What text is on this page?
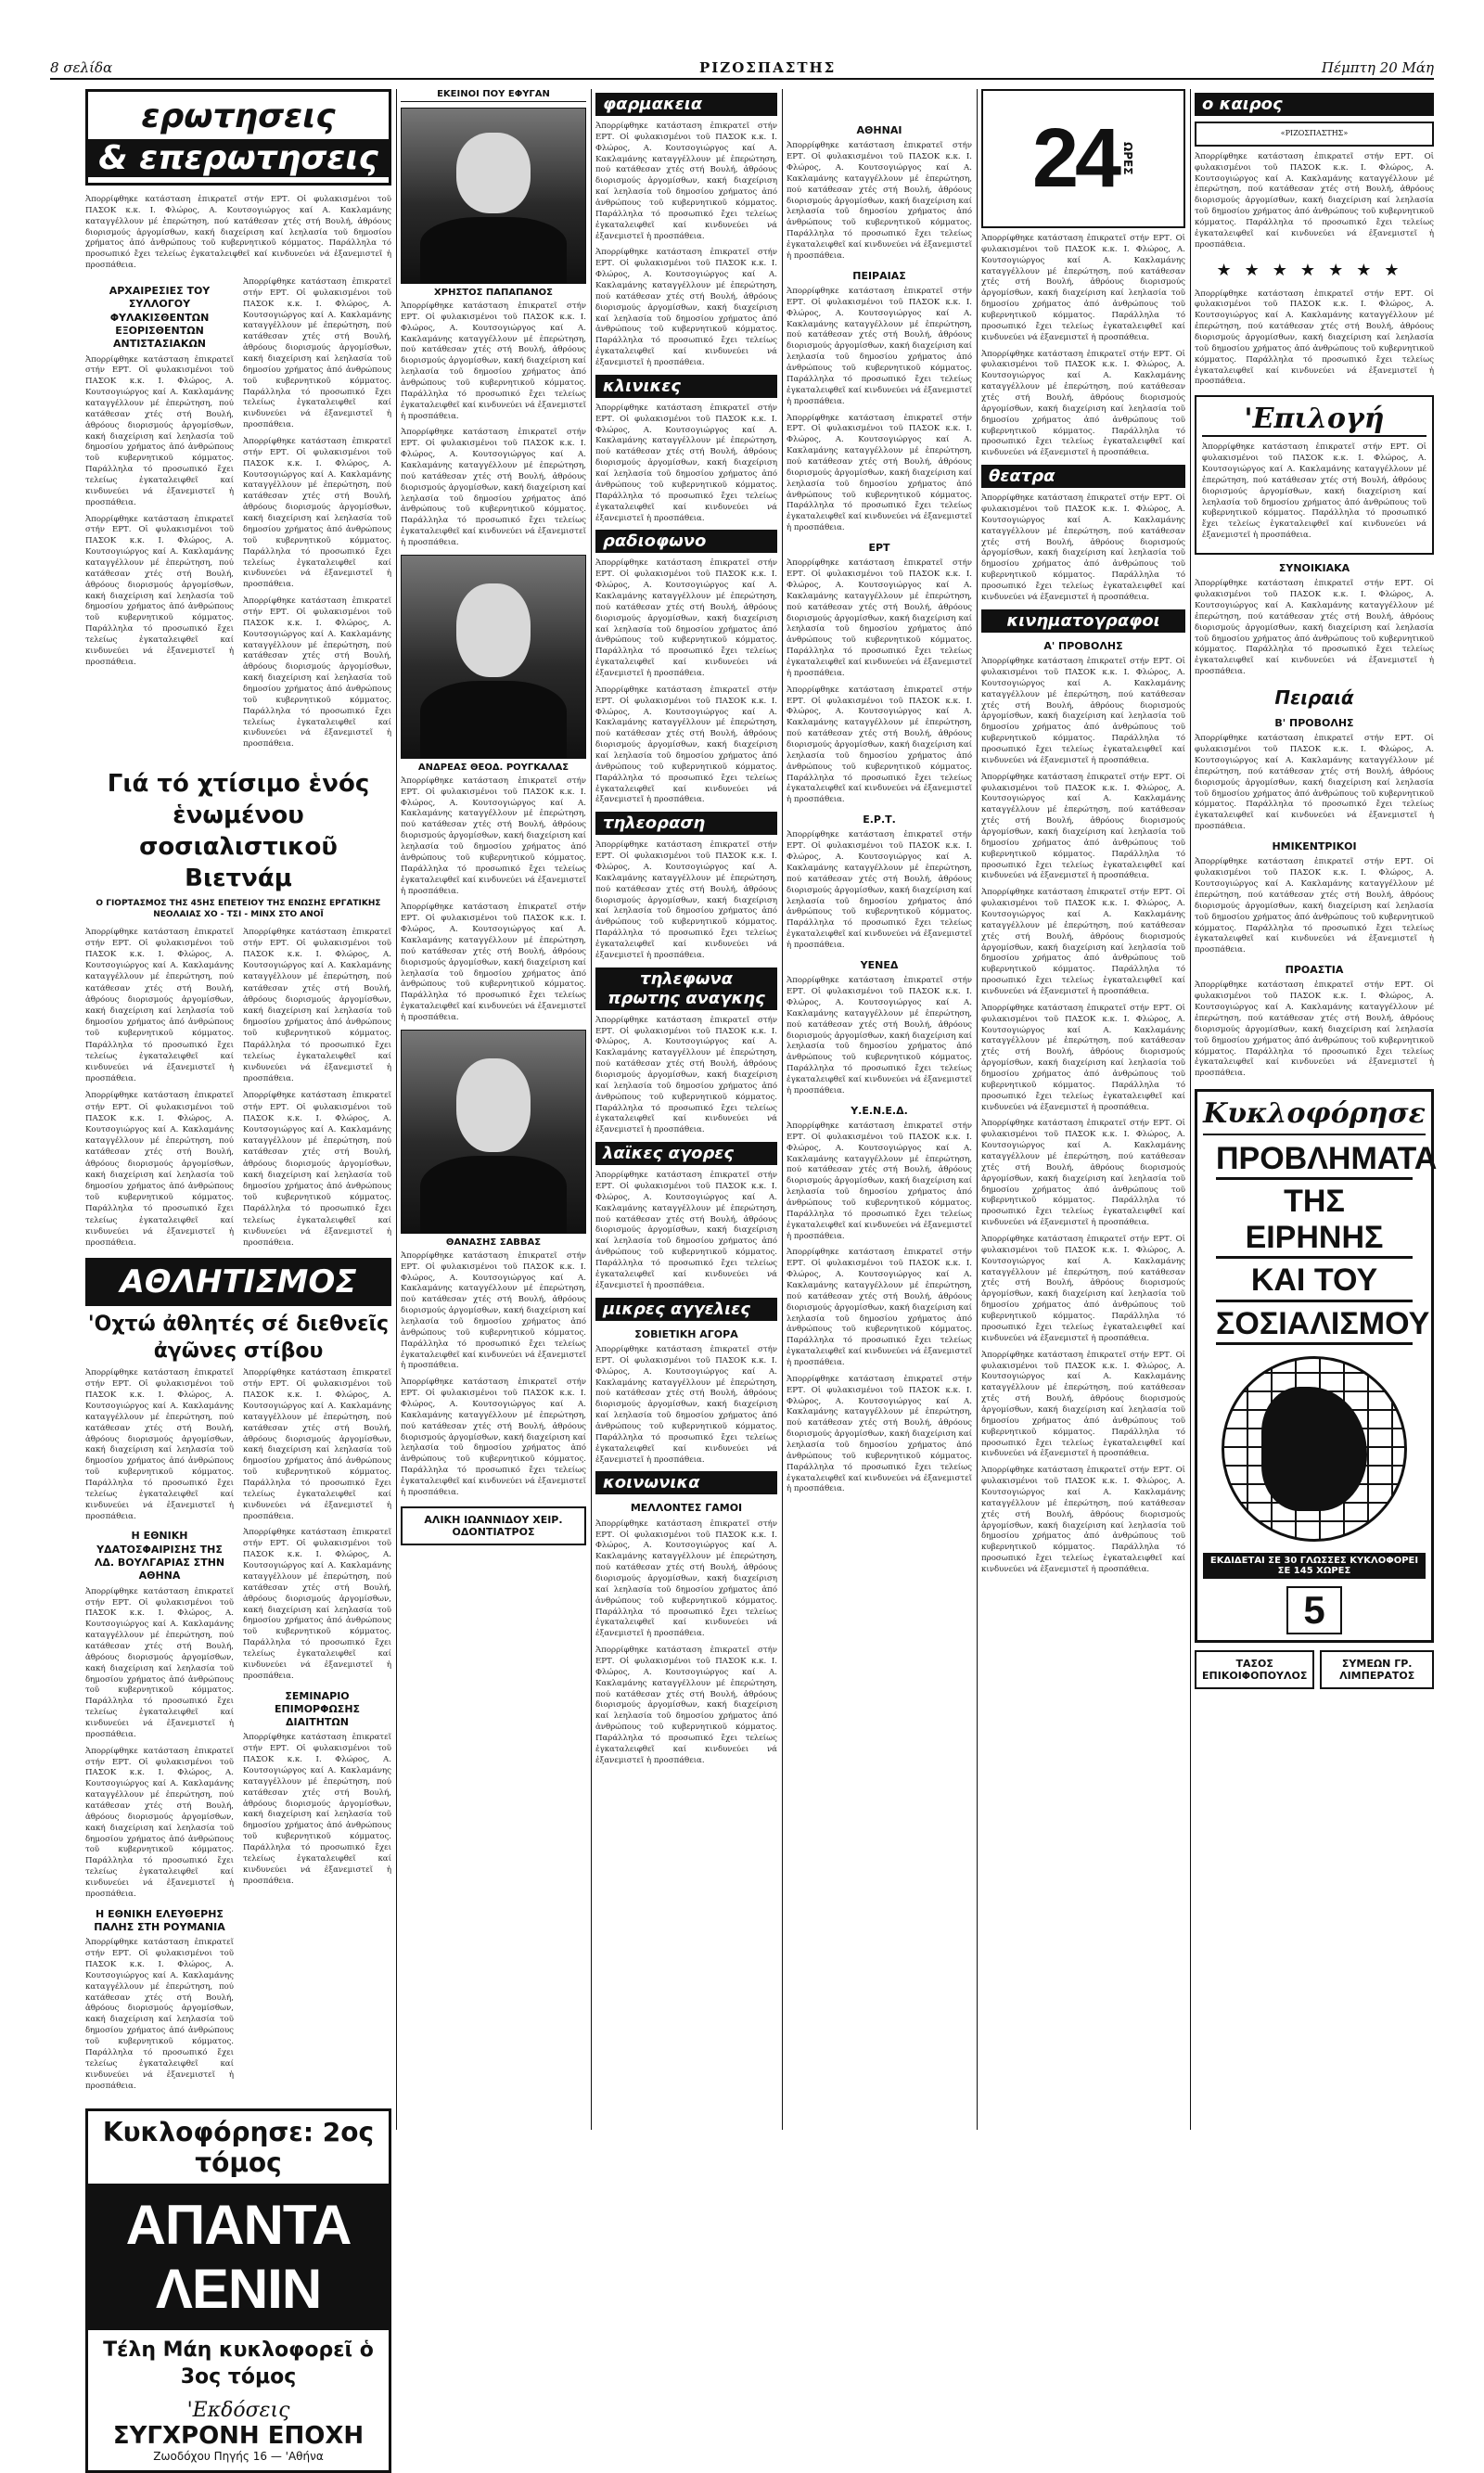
8 σελίδα	ΡΙΖΟΣΠΑΣΤΗΣ	Πέμπτη 20 Μάη
ερωτησεις
& επερωτησεις

Ἀπορρίφθηκε κατάσταση ἐπικρατεῖ στήν ΕΡΤ. Οἱ φυλακισμένοι τοῦ ΠΑΣΟΚ κ.κ. Ι. Φλώρος, Α. Κουτσογιώργος καί Α. Κακλαμάνης καταγγέλλουν μέ ἐπερώτηση, πού κατάθεσαν χτές στή Βουλή, ἀθρόους διορισμούς ἀργομίσθων, κακή διαχείριση καί λεηλασία τοῦ δημοσίου χρήματος ἀπό ἀνθρώπους τοῦ κυβερνητικοῦ κόμματος. Παράλληλα τό προσωπικό ἔχει τελείως ἐγκαταλειφθεῖ καί κινδυνεύει νά ἐξανεμιστεῖ ἡ προσπάθεια.

ΑΡΧΑΙΡΕΣΙΕΣ ΤΟΥ ΣΥΛΛΟΓΟΥ ΦΥΛΑΚΙΣΘΕΝΤΩΝ ΕΞΟΡΙΣΘΕΝΤΩΝ ΑΝΤΙΣΤΑΣΙΑΚΩΝ

Ἀπορρίφθηκε κατάσταση ἐπικρατεῖ στήν ΕΡΤ. Οἱ φυλακισμένοι τοῦ ΠΑΣΟΚ κ.κ. Ι. Φλώρος, Α. Κουτσογιώργος καί Α. Κακλαμάνης καταγγέλλουν μέ ἐπερώτηση, πού κατάθεσαν χτές στή Βουλή, ἀθρόους διορισμούς ἀργομίσθων, κακή διαχείριση καί λεηλασία τοῦ δημοσίου χρήματος ἀπό ἀνθρώπους τοῦ κυβερνητικοῦ κόμματος. Παράλληλα τό προσωπικό ἔχει τελείως ἐγκαταλειφθεῖ καί κινδυνεύει νά ἐξανεμιστεῖ ἡ προσπάθεια.

Ἀπορρίφθηκε κατάσταση ἐπικρατεῖ στήν ΕΡΤ. Οἱ φυλακισμένοι τοῦ ΠΑΣΟΚ κ.κ. Ι. Φλώρος, Α. Κουτσογιώργος καί Α. Κακλαμάνης καταγγέλλουν μέ ἐπερώτηση, πού κατάθεσαν χτές στή Βουλή, ἀθρόους διορισμούς ἀργομίσθων, κακή διαχείριση καί λεηλασία τοῦ δημοσίου χρήματος ἀπό ἀνθρώπους τοῦ κυβερνητικοῦ κόμματος. Παράλληλα τό προσωπικό ἔχει τελείως ἐγκαταλειφθεῖ καί κινδυνεύει νά ἐξανεμιστεῖ ἡ προσπάθεια.

Ἀπορρίφθηκε κατάσταση ἐπικρατεῖ στήν ΕΡΤ. Οἱ φυλακισμένοι τοῦ ΠΑΣΟΚ κ.κ. Ι. Φλώρος, Α. Κουτσογιώργος καί Α. Κακλαμάνης καταγγέλλουν μέ ἐπερώτηση, πού κατάθεσαν χτές στή Βουλή, ἀθρόους διορισμούς ἀργομίσθων, κακή διαχείριση καί λεηλασία τοῦ δημοσίου χρήματος ἀπό ἀνθρώπους τοῦ κυβερνητικοῦ κόμματος. Παράλληλα τό προσωπικό ἔχει τελείως ἐγκαταλειφθεῖ καί κινδυνεύει νά ἐξανεμιστεῖ ἡ προσπάθεια.

Ἀπορρίφθηκε κατάσταση ἐπικρατεῖ στήν ΕΡΤ. Οἱ φυλακισμένοι τοῦ ΠΑΣΟΚ κ.κ. Ι. Φλώρος, Α. Κουτσογιώργος καί Α. Κακλαμάνης καταγγέλλουν μέ ἐπερώτηση, πού κατάθεσαν χτές στή Βουλή, ἀθρόους διορισμούς ἀργομίσθων, κακή διαχείριση καί λεηλασία τοῦ δημοσίου χρήματος ἀπό ἀνθρώπους τοῦ κυβερνητικοῦ κόμματος. Παράλληλα τό προσωπικό ἔχει τελείως ἐγκαταλειφθεῖ καί κινδυνεύει νά ἐξανεμιστεῖ ἡ προσπάθεια.

Ἀπορρίφθηκε κατάσταση ἐπικρατεῖ στήν ΕΡΤ. Οἱ φυλακισμένοι τοῦ ΠΑΣΟΚ κ.κ. Ι. Φλώρος, Α. Κουτσογιώργος καί Α. Κακλαμάνης καταγγέλλουν μέ ἐπερώτηση, πού κατάθεσαν χτές στή Βουλή, ἀθρόους διορισμούς ἀργομίσθων, κακή διαχείριση καί λεηλασία τοῦ δημοσίου χρήματος ἀπό ἀνθρώπους τοῦ κυβερνητικοῦ κόμματος. Παράλληλα τό προσωπικό ἔχει τελείως ἐγκαταλειφθεῖ καί κινδυνεύει νά ἐξανεμιστεῖ ἡ προσπάθεια.

Γιά τό χτίσιμο ἑνός ἑνωμένου σοσιαλιστικοῦ Βιετνάμ
Ο ΓΙΟΡΤΑΣΜΟΣ ΤΗΣ 45ΗΣ ΕΠΕΤΕΙΟΥ ΤΗΣ ΕΝΩΣΗΣ ΕΡΓΑΤΙΚΗΣ ΝΕΟΛΑΙΑΣ ΧΟ - ΤΣΙ - ΜΙΝΧ ΣΤΟ ΑΝΟΪ

Ἀπορρίφθηκε κατάσταση ἐπικρατεῖ στήν ΕΡΤ. Οἱ φυλακισμένοι τοῦ ΠΑΣΟΚ κ.κ. Ι. Φλώρος, Α. Κουτσογιώργος καί Α. Κακλαμάνης καταγγέλλουν μέ ἐπερώτηση, πού κατάθεσαν χτές στή Βουλή, ἀθρόους διορισμούς ἀργομίσθων, κακή διαχείριση καί λεηλασία τοῦ δημοσίου χρήματος ἀπό ἀνθρώπους τοῦ κυβερνητικοῦ κόμματος. Παράλληλα τό προσωπικό ἔχει τελείως ἐγκαταλειφθεῖ καί κινδυνεύει νά ἐξανεμιστεῖ ἡ προσπάθεια.

Ἀπορρίφθηκε κατάσταση ἐπικρατεῖ στήν ΕΡΤ. Οἱ φυλακισμένοι τοῦ ΠΑΣΟΚ κ.κ. Ι. Φλώρος, Α. Κουτσογιώργος καί Α. Κακλαμάνης καταγγέλλουν μέ ἐπερώτηση, πού κατάθεσαν χτές στή Βουλή, ἀθρόους διορισμούς ἀργομίσθων, κακή διαχείριση καί λεηλασία τοῦ δημοσίου χρήματος ἀπό ἀνθρώπους τοῦ κυβερνητικοῦ κόμματος. Παράλληλα τό προσωπικό ἔχει τελείως ἐγκαταλειφθεῖ καί κινδυνεύει νά ἐξανεμιστεῖ ἡ προσπάθεια.

Ἀπορρίφθηκε κατάσταση ἐπικρατεῖ στήν ΕΡΤ. Οἱ φυλακισμένοι τοῦ ΠΑΣΟΚ κ.κ. Ι. Φλώρος, Α. Κουτσογιώργος καί Α. Κακλαμάνης καταγγέλλουν μέ ἐπερώτηση, πού κατάθεσαν χτές στή Βουλή, ἀθρόους διορισμούς ἀργομίσθων, κακή διαχείριση καί λεηλασία τοῦ δημοσίου χρήματος ἀπό ἀνθρώπους τοῦ κυβερνητικοῦ κόμματος. Παράλληλα τό προσωπικό ἔχει τελείως ἐγκαταλειφθεῖ καί κινδυνεύει νά ἐξανεμιστεῖ ἡ προσπάθεια.

Ἀπορρίφθηκε κατάσταση ἐπικρατεῖ στήν ΕΡΤ. Οἱ φυλακισμένοι τοῦ ΠΑΣΟΚ κ.κ. Ι. Φλώρος, Α. Κουτσογιώργος καί Α. Κακλαμάνης καταγγέλλουν μέ ἐπερώτηση, πού κατάθεσαν χτές στή Βουλή, ἀθρόους διορισμούς ἀργομίσθων, κακή διαχείριση καί λεηλασία τοῦ δημοσίου χρήματος ἀπό ἀνθρώπους τοῦ κυβερνητικοῦ κόμματος. Παράλληλα τό προσωπικό ἔχει τελείως ἐγκαταλειφθεῖ καί κινδυνεύει νά ἐξανεμιστεῖ ἡ προσπάθεια.

ΑΘΛΗΤΙΣΜΟΣ
'Οχτώ ἀθλητές σέ διεθνεῖς ἀγῶνες στίβου

Ἀπορρίφθηκε κατάσταση ἐπικρατεῖ στήν ΕΡΤ. Οἱ φυλακισμένοι τοῦ ΠΑΣΟΚ κ.κ. Ι. Φλώρος, Α. Κουτσογιώργος καί Α. Κακλαμάνης καταγγέλλουν μέ ἐπερώτηση, πού κατάθεσαν χτές στή Βουλή, ἀθρόους διορισμούς ἀργομίσθων, κακή διαχείριση καί λεηλασία τοῦ δημοσίου χρήματος ἀπό ἀνθρώπους τοῦ κυβερνητικοῦ κόμματος. Παράλληλα τό προσωπικό ἔχει τελείως ἐγκαταλειφθεῖ καί κινδυνεύει νά ἐξανεμιστεῖ ἡ προσπάθεια.

Η ΕΘΝΙΚΗ ΥΔΑΤΟΣΦΑΙΡΙΣΗΣ ΤΗΣ ΛΔ. ΒΟΥΛΓΑΡΙΑΣ ΣΤΗΝ ΑΘΗΝΑ

Ἀπορρίφθηκε κατάσταση ἐπικρατεῖ στήν ΕΡΤ. Οἱ φυλακισμένοι τοῦ ΠΑΣΟΚ κ.κ. Ι. Φλώρος, Α. Κουτσογιώργος καί Α. Κακλαμάνης καταγγέλλουν μέ ἐπερώτηση, πού κατάθεσαν χτές στή Βουλή, ἀθρόους διορισμούς ἀργομίσθων, κακή διαχείριση καί λεηλασία τοῦ δημοσίου χρήματος ἀπό ἀνθρώπους τοῦ κυβερνητικοῦ κόμματος. Παράλληλα τό προσωπικό ἔχει τελείως ἐγκαταλειφθεῖ καί κινδυνεύει νά ἐξανεμιστεῖ ἡ προσπάθεια.

Ἀπορρίφθηκε κατάσταση ἐπικρατεῖ στήν ΕΡΤ. Οἱ φυλακισμένοι τοῦ ΠΑΣΟΚ κ.κ. Ι. Φλώρος, Α. Κουτσογιώργος καί Α. Κακλαμάνης καταγγέλλουν μέ ἐπερώτηση, πού κατάθεσαν χτές στή Βουλή, ἀθρόους διορισμούς ἀργομίσθων, κακή διαχείριση καί λεηλασία τοῦ δημοσίου χρήματος ἀπό ἀνθρώπους τοῦ κυβερνητικοῦ κόμματος. Παράλληλα τό προσωπικό ἔχει τελείως ἐγκαταλειφθεῖ καί κινδυνεύει νά ἐξανεμιστεῖ ἡ προσπάθεια.

Η ΕΘΝΙΚΗ ΕΛΕΥΘΕΡΗΣ ΠΑΛΗΣ ΣΤΗ ΡΟΥΜΑΝΙΑ

Ἀπορρίφθηκε κατάσταση ἐπικρατεῖ στήν ΕΡΤ. Οἱ φυλακισμένοι τοῦ ΠΑΣΟΚ κ.κ. Ι. Φλώρος, Α. Κουτσογιώργος καί Α. Κακλαμάνης καταγγέλλουν μέ ἐπερώτηση, πού κατάθεσαν χτές στή Βουλή, ἀθρόους διορισμούς ἀργομίσθων, κακή διαχείριση καί λεηλασία τοῦ δημοσίου χρήματος ἀπό ἀνθρώπους τοῦ κυβερνητικοῦ κόμματος. Παράλληλα τό προσωπικό ἔχει τελείως ἐγκαταλειφθεῖ καί κινδυνεύει νά ἐξανεμιστεῖ ἡ προσπάθεια.

Ἀπορρίφθηκε κατάσταση ἐπικρατεῖ στήν ΕΡΤ. Οἱ φυλακισμένοι τοῦ ΠΑΣΟΚ κ.κ. Ι. Φλώρος, Α. Κουτσογιώργος καί Α. Κακλαμάνης καταγγέλλουν μέ ἐπερώτηση, πού κατάθεσαν χτές στή Βουλή, ἀθρόους διορισμούς ἀργομίσθων, κακή διαχείριση καί λεηλασία τοῦ δημοσίου χρήματος ἀπό ἀνθρώπους τοῦ κυβερνητικοῦ κόμματος. Παράλληλα τό προσωπικό ἔχει τελείως ἐγκαταλειφθεῖ καί κινδυνεύει νά ἐξανεμιστεῖ ἡ προσπάθεια.

Ἀπορρίφθηκε κατάσταση ἐπικρατεῖ στήν ΕΡΤ. Οἱ φυλακισμένοι τοῦ ΠΑΣΟΚ κ.κ. Ι. Φλώρος, Α. Κουτσογιώργος καί Α. Κακλαμάνης καταγγέλλουν μέ ἐπερώτηση, πού κατάθεσαν χτές στή Βουλή, ἀθρόους διορισμούς ἀργομίσθων, κακή διαχείριση καί λεηλασία τοῦ δημοσίου χρήματος ἀπό ἀνθρώπους τοῦ κυβερνητικοῦ κόμματος. Παράλληλα τό προσωπικό ἔχει τελείως ἐγκαταλειφθεῖ καί κινδυνεύει νά ἐξανεμιστεῖ ἡ προσπάθεια.

ΣΕΜΙΝΑΡΙΟ ΕΠΙΜΟΡΦΩΣΗΣ ΔΙΑΙΤΗΤΩΝ

Ἀπορρίφθηκε κατάσταση ἐπικρατεῖ στήν ΕΡΤ. Οἱ φυλακισμένοι τοῦ ΠΑΣΟΚ κ.κ. Ι. Φλώρος, Α. Κουτσογιώργος καί Α. Κακλαμάνης καταγγέλλουν μέ ἐπερώτηση, πού κατάθεσαν χτές στή Βουλή, ἀθρόους διορισμούς ἀργομίσθων, κακή διαχείριση καί λεηλασία τοῦ δημοσίου χρήματος ἀπό ἀνθρώπους τοῦ κυβερνητικοῦ κόμματος. Παράλληλα τό προσωπικό ἔχει τελείως ἐγκαταλειφθεῖ καί κινδυνεύει νά ἐξανεμιστεῖ ἡ προσπάθεια.

Κυκλοφόρησε: 2ος τόμος
ΑΠΑΝΤΑ ΛΕΝΙΝ
Τέλη Μάη κυκλοφορεῖ ὁ 3ος τόμος
'Εκδόσεις
ΣΥΓΧΡΟΝΗ ΕΠΟΧΗ
Ζωοδόχου Πηγής 16 — 'Αθήνα
ΕΚΕΙΝΟΙ ΠΟΥ ΕΦΥΓΑΝ
ΧΡΗΣΤΟΣ ΠΑΠΑΠΑΝΟΣ

Ἀπορρίφθηκε κατάσταση ἐπικρατεῖ στήν ΕΡΤ. Οἱ φυλακισμένοι τοῦ ΠΑΣΟΚ κ.κ. Ι. Φλώρος, Α. Κουτσογιώργος καί Α. Κακλαμάνης καταγγέλλουν μέ ἐπερώτηση, πού κατάθεσαν χτές στή Βουλή, ἀθρόους διορισμούς ἀργομίσθων, κακή διαχείριση καί λεηλασία τοῦ δημοσίου χρήματος ἀπό ἀνθρώπους τοῦ κυβερνητικοῦ κόμματος. Παράλληλα τό προσωπικό ἔχει τελείως ἐγκαταλειφθεῖ καί κινδυνεύει νά ἐξανεμιστεῖ ἡ προσπάθεια.

Ἀπορρίφθηκε κατάσταση ἐπικρατεῖ στήν ΕΡΤ. Οἱ φυλακισμένοι τοῦ ΠΑΣΟΚ κ.κ. Ι. Φλώρος, Α. Κουτσογιώργος καί Α. Κακλαμάνης καταγγέλλουν μέ ἐπερώτηση, πού κατάθεσαν χτές στή Βουλή, ἀθρόους διορισμούς ἀργομίσθων, κακή διαχείριση καί λεηλασία τοῦ δημοσίου χρήματος ἀπό ἀνθρώπους τοῦ κυβερνητικοῦ κόμματος. Παράλληλα τό προσωπικό ἔχει τελείως ἐγκαταλειφθεῖ καί κινδυνεύει νά ἐξανεμιστεῖ ἡ προσπάθεια.

ΑΝΔΡΕΑΣ ΘΕΟΔ. ΡΟΥΓΚΑΛΑΣ

Ἀπορρίφθηκε κατάσταση ἐπικρατεῖ στήν ΕΡΤ. Οἱ φυλακισμένοι τοῦ ΠΑΣΟΚ κ.κ. Ι. Φλώρος, Α. Κουτσογιώργος καί Α. Κακλαμάνης καταγγέλλουν μέ ἐπερώτηση, πού κατάθεσαν χτές στή Βουλή, ἀθρόους διορισμούς ἀργομίσθων, κακή διαχείριση καί λεηλασία τοῦ δημοσίου χρήματος ἀπό ἀνθρώπους τοῦ κυβερνητικοῦ κόμματος. Παράλληλα τό προσωπικό ἔχει τελείως ἐγκαταλειφθεῖ καί κινδυνεύει νά ἐξανεμιστεῖ ἡ προσπάθεια.

Ἀπορρίφθηκε κατάσταση ἐπικρατεῖ στήν ΕΡΤ. Οἱ φυλακισμένοι τοῦ ΠΑΣΟΚ κ.κ. Ι. Φλώρος, Α. Κουτσογιώργος καί Α. Κακλαμάνης καταγγέλλουν μέ ἐπερώτηση, πού κατάθεσαν χτές στή Βουλή, ἀθρόους διορισμούς ἀργομίσθων, κακή διαχείριση καί λεηλασία τοῦ δημοσίου χρήματος ἀπό ἀνθρώπους τοῦ κυβερνητικοῦ κόμματος. Παράλληλα τό προσωπικό ἔχει τελείως ἐγκαταλειφθεῖ καί κινδυνεύει νά ἐξανεμιστεῖ ἡ προσπάθεια.

ΘΑΝΑΣΗΣ ΣΑΒΒΑΣ

Ἀπορρίφθηκε κατάσταση ἐπικρατεῖ στήν ΕΡΤ. Οἱ φυλακισμένοι τοῦ ΠΑΣΟΚ κ.κ. Ι. Φλώρος, Α. Κουτσογιώργος καί Α. Κακλαμάνης καταγγέλλουν μέ ἐπερώτηση, πού κατάθεσαν χτές στή Βουλή, ἀθρόους διορισμούς ἀργομίσθων, κακή διαχείριση καί λεηλασία τοῦ δημοσίου χρήματος ἀπό ἀνθρώπους τοῦ κυβερνητικοῦ κόμματος. Παράλληλα τό προσωπικό ἔχει τελείως ἐγκαταλειφθεῖ καί κινδυνεύει νά ἐξανεμιστεῖ ἡ προσπάθεια.

Ἀπορρίφθηκε κατάσταση ἐπικρατεῖ στήν ΕΡΤ. Οἱ φυλακισμένοι τοῦ ΠΑΣΟΚ κ.κ. Ι. Φλώρος, Α. Κουτσογιώργος καί Α. Κακλαμάνης καταγγέλλουν μέ ἐπερώτηση, πού κατάθεσαν χτές στή Βουλή, ἀθρόους διορισμούς ἀργομίσθων, κακή διαχείριση καί λεηλασία τοῦ δημοσίου χρήματος ἀπό ἀνθρώπους τοῦ κυβερνητικοῦ κόμματος. Παράλληλα τό προσωπικό ἔχει τελείως ἐγκαταλειφθεῖ καί κινδυνεύει νά ἐξανεμιστεῖ ἡ προσπάθεια.

ΑΛΙΚΗ ΙΩΑΝΝΙΔΟΥ ΧΕΙΡ. ΟΔΟΝΤΙΑΤΡΟΣ
φαρμακεια

Ἀπορρίφθηκε κατάσταση ἐπικρατεῖ στήν ΕΡΤ. Οἱ φυλακισμένοι τοῦ ΠΑΣΟΚ κ.κ. Ι. Φλώρος, Α. Κουτσογιώργος καί Α. Κακλαμάνης καταγγέλλουν μέ ἐπερώτηση, πού κατάθεσαν χτές στή Βουλή, ἀθρόους διορισμούς ἀργομίσθων, κακή διαχείριση καί λεηλασία τοῦ δημοσίου χρήματος ἀπό ἀνθρώπους τοῦ κυβερνητικοῦ κόμματος. Παράλληλα τό προσωπικό ἔχει τελείως ἐγκαταλειφθεῖ καί κινδυνεύει νά ἐξανεμιστεῖ ἡ προσπάθεια.

Ἀπορρίφθηκε κατάσταση ἐπικρατεῖ στήν ΕΡΤ. Οἱ φυλακισμένοι τοῦ ΠΑΣΟΚ κ.κ. Ι. Φλώρος, Α. Κουτσογιώργος καί Α. Κακλαμάνης καταγγέλλουν μέ ἐπερώτηση, πού κατάθεσαν χτές στή Βουλή, ἀθρόους διορισμούς ἀργομίσθων, κακή διαχείριση καί λεηλασία τοῦ δημοσίου χρήματος ἀπό ἀνθρώπους τοῦ κυβερνητικοῦ κόμματος. Παράλληλα τό προσωπικό ἔχει τελείως ἐγκαταλειφθεῖ καί κινδυνεύει νά ἐξανεμιστεῖ ἡ προσπάθεια.

κλινικες

Ἀπορρίφθηκε κατάσταση ἐπικρατεῖ στήν ΕΡΤ. Οἱ φυλακισμένοι τοῦ ΠΑΣΟΚ κ.κ. Ι. Φλώρος, Α. Κουτσογιώργος καί Α. Κακλαμάνης καταγγέλλουν μέ ἐπερώτηση, πού κατάθεσαν χτές στή Βουλή, ἀθρόους διορισμούς ἀργομίσθων, κακή διαχείριση καί λεηλασία τοῦ δημοσίου χρήματος ἀπό ἀνθρώπους τοῦ κυβερνητικοῦ κόμματος. Παράλληλα τό προσωπικό ἔχει τελείως ἐγκαταλειφθεῖ καί κινδυνεύει νά ἐξανεμιστεῖ ἡ προσπάθεια.

ραδιοφωνο

Ἀπορρίφθηκε κατάσταση ἐπικρατεῖ στήν ΕΡΤ. Οἱ φυλακισμένοι τοῦ ΠΑΣΟΚ κ.κ. Ι. Φλώρος, Α. Κουτσογιώργος καί Α. Κακλαμάνης καταγγέλλουν μέ ἐπερώτηση, πού κατάθεσαν χτές στή Βουλή, ἀθρόους διορισμούς ἀργομίσθων, κακή διαχείριση καί λεηλασία τοῦ δημοσίου χρήματος ἀπό ἀνθρώπους τοῦ κυβερνητικοῦ κόμματος. Παράλληλα τό προσωπικό ἔχει τελείως ἐγκαταλειφθεῖ καί κινδυνεύει νά ἐξανεμιστεῖ ἡ προσπάθεια.

Ἀπορρίφθηκε κατάσταση ἐπικρατεῖ στήν ΕΡΤ. Οἱ φυλακισμένοι τοῦ ΠΑΣΟΚ κ.κ. Ι. Φλώρος, Α. Κουτσογιώργος καί Α. Κακλαμάνης καταγγέλλουν μέ ἐπερώτηση, πού κατάθεσαν χτές στή Βουλή, ἀθρόους διορισμούς ἀργομίσθων, κακή διαχείριση καί λεηλασία τοῦ δημοσίου χρήματος ἀπό ἀνθρώπους τοῦ κυβερνητικοῦ κόμματος. Παράλληλα τό προσωπικό ἔχει τελείως ἐγκαταλειφθεῖ καί κινδυνεύει νά ἐξανεμιστεῖ ἡ προσπάθεια.

τηλεοραση

Ἀπορρίφθηκε κατάσταση ἐπικρατεῖ στήν ΕΡΤ. Οἱ φυλακισμένοι τοῦ ΠΑΣΟΚ κ.κ. Ι. Φλώρος, Α. Κουτσογιώργος καί Α. Κακλαμάνης καταγγέλλουν μέ ἐπερώτηση, πού κατάθεσαν χτές στή Βουλή, ἀθρόους διορισμούς ἀργομίσθων, κακή διαχείριση καί λεηλασία τοῦ δημοσίου χρήματος ἀπό ἀνθρώπους τοῦ κυβερνητικοῦ κόμματος. Παράλληλα τό προσωπικό ἔχει τελείως ἐγκαταλειφθεῖ καί κινδυνεύει νά ἐξανεμιστεῖ ἡ προσπάθεια.

τηλεφωνα πρωτης αναγκης

Ἀπορρίφθηκε κατάσταση ἐπικρατεῖ στήν ΕΡΤ. Οἱ φυλακισμένοι τοῦ ΠΑΣΟΚ κ.κ. Ι. Φλώρος, Α. Κουτσογιώργος καί Α. Κακλαμάνης καταγγέλλουν μέ ἐπερώτηση, πού κατάθεσαν χτές στή Βουλή, ἀθρόους διορισμούς ἀργομίσθων, κακή διαχείριση καί λεηλασία τοῦ δημοσίου χρήματος ἀπό ἀνθρώπους τοῦ κυβερνητικοῦ κόμματος. Παράλληλα τό προσωπικό ἔχει τελείως ἐγκαταλειφθεῖ καί κινδυνεύει νά ἐξανεμιστεῖ ἡ προσπάθεια.

λαϊκες αγορες

Ἀπορρίφθηκε κατάσταση ἐπικρατεῖ στήν ΕΡΤ. Οἱ φυλακισμένοι τοῦ ΠΑΣΟΚ κ.κ. Ι. Φλώρος, Α. Κουτσογιώργος καί Α. Κακλαμάνης καταγγέλλουν μέ ἐπερώτηση, πού κατάθεσαν χτές στή Βουλή, ἀθρόους διορισμούς ἀργομίσθων, κακή διαχείριση καί λεηλασία τοῦ δημοσίου χρήματος ἀπό ἀνθρώπους τοῦ κυβερνητικοῦ κόμματος. Παράλληλα τό προσωπικό ἔχει τελείως ἐγκαταλειφθεῖ καί κινδυνεύει νά ἐξανεμιστεῖ ἡ προσπάθεια.

μικρες αγγελιες
ΣΟΒΙΕΤΙΚΗ ΑΓΟΡΑ

Ἀπορρίφθηκε κατάσταση ἐπικρατεῖ στήν ΕΡΤ. Οἱ φυλακισμένοι τοῦ ΠΑΣΟΚ κ.κ. Ι. Φλώρος, Α. Κουτσογιώργος καί Α. Κακλαμάνης καταγγέλλουν μέ ἐπερώτηση, πού κατάθεσαν χτές στή Βουλή, ἀθρόους διορισμούς ἀργομίσθων, κακή διαχείριση καί λεηλασία τοῦ δημοσίου χρήματος ἀπό ἀνθρώπους τοῦ κυβερνητικοῦ κόμματος. Παράλληλα τό προσωπικό ἔχει τελείως ἐγκαταλειφθεῖ καί κινδυνεύει νά ἐξανεμιστεῖ ἡ προσπάθεια.

κοινωνικα
ΜΕΛΛΟΝΤΕΣ ΓΑΜΟΙ

Ἀπορρίφθηκε κατάσταση ἐπικρατεῖ στήν ΕΡΤ. Οἱ φυλακισμένοι τοῦ ΠΑΣΟΚ κ.κ. Ι. Φλώρος, Α. Κουτσογιώργος καί Α. Κακλαμάνης καταγγέλλουν μέ ἐπερώτηση, πού κατάθεσαν χτές στή Βουλή, ἀθρόους διορισμούς ἀργομίσθων, κακή διαχείριση καί λεηλασία τοῦ δημοσίου χρήματος ἀπό ἀνθρώπους τοῦ κυβερνητικοῦ κόμματος. Παράλληλα τό προσωπικό ἔχει τελείως ἐγκαταλειφθεῖ καί κινδυνεύει νά ἐξανεμιστεῖ ἡ προσπάθεια.

Ἀπορρίφθηκε κατάσταση ἐπικρατεῖ στήν ΕΡΤ. Οἱ φυλακισμένοι τοῦ ΠΑΣΟΚ κ.κ. Ι. Φλώρος, Α. Κουτσογιώργος καί Α. Κακλαμάνης καταγγέλλουν μέ ἐπερώτηση, πού κατάθεσαν χτές στή Βουλή, ἀθρόους διορισμούς ἀργομίσθων, κακή διαχείριση καί λεηλασία τοῦ δημοσίου χρήματος ἀπό ἀνθρώπους τοῦ κυβερνητικοῦ κόμματος. Παράλληλα τό προσωπικό ἔχει τελείως ἐγκαταλειφθεῖ καί κινδυνεύει νά ἐξανεμιστεῖ ἡ προσπάθεια.

ΑΘΗΝΑΙ

Ἀπορρίφθηκε κατάσταση ἐπικρατεῖ στήν ΕΡΤ. Οἱ φυλακισμένοι τοῦ ΠΑΣΟΚ κ.κ. Ι. Φλώρος, Α. Κουτσογιώργος καί Α. Κακλαμάνης καταγγέλλουν μέ ἐπερώτηση, πού κατάθεσαν χτές στή Βουλή, ἀθρόους διορισμούς ἀργομίσθων, κακή διαχείριση καί λεηλασία τοῦ δημοσίου χρήματος ἀπό ἀνθρώπους τοῦ κυβερνητικοῦ κόμματος. Παράλληλα τό προσωπικό ἔχει τελείως ἐγκαταλειφθεῖ καί κινδυνεύει νά ἐξανεμιστεῖ ἡ προσπάθεια.

ΠΕΙΡΑΙΑΣ

Ἀπορρίφθηκε κατάσταση ἐπικρατεῖ στήν ΕΡΤ. Οἱ φυλακισμένοι τοῦ ΠΑΣΟΚ κ.κ. Ι. Φλώρος, Α. Κουτσογιώργος καί Α. Κακλαμάνης καταγγέλλουν μέ ἐπερώτηση, πού κατάθεσαν χτές στή Βουλή, ἀθρόους διορισμούς ἀργομίσθων, κακή διαχείριση καί λεηλασία τοῦ δημοσίου χρήματος ἀπό ἀνθρώπους τοῦ κυβερνητικοῦ κόμματος. Παράλληλα τό προσωπικό ἔχει τελείως ἐγκαταλειφθεῖ καί κινδυνεύει νά ἐξανεμιστεῖ ἡ προσπάθεια.

Ἀπορρίφθηκε κατάσταση ἐπικρατεῖ στήν ΕΡΤ. Οἱ φυλακισμένοι τοῦ ΠΑΣΟΚ κ.κ. Ι. Φλώρος, Α. Κουτσογιώργος καί Α. Κακλαμάνης καταγγέλλουν μέ ἐπερώτηση, πού κατάθεσαν χτές στή Βουλή, ἀθρόους διορισμούς ἀργομίσθων, κακή διαχείριση καί λεηλασία τοῦ δημοσίου χρήματος ἀπό ἀνθρώπους τοῦ κυβερνητικοῦ κόμματος. Παράλληλα τό προσωπικό ἔχει τελείως ἐγκαταλειφθεῖ καί κινδυνεύει νά ἐξανεμιστεῖ ἡ προσπάθεια.

ΕΡΤ

Ἀπορρίφθηκε κατάσταση ἐπικρατεῖ στήν ΕΡΤ. Οἱ φυλακισμένοι τοῦ ΠΑΣΟΚ κ.κ. Ι. Φλώρος, Α. Κουτσογιώργος καί Α. Κακλαμάνης καταγγέλλουν μέ ἐπερώτηση, πού κατάθεσαν χτές στή Βουλή, ἀθρόους διορισμούς ἀργομίσθων, κακή διαχείριση καί λεηλασία τοῦ δημοσίου χρήματος ἀπό ἀνθρώπους τοῦ κυβερνητικοῦ κόμματος. Παράλληλα τό προσωπικό ἔχει τελείως ἐγκαταλειφθεῖ καί κινδυνεύει νά ἐξανεμιστεῖ ἡ προσπάθεια.

Ἀπορρίφθηκε κατάσταση ἐπικρατεῖ στήν ΕΡΤ. Οἱ φυλακισμένοι τοῦ ΠΑΣΟΚ κ.κ. Ι. Φλώρος, Α. Κουτσογιώργος καί Α. Κακλαμάνης καταγγέλλουν μέ ἐπερώτηση, πού κατάθεσαν χτές στή Βουλή, ἀθρόους διορισμούς ἀργομίσθων, κακή διαχείριση καί λεηλασία τοῦ δημοσίου χρήματος ἀπό ἀνθρώπους τοῦ κυβερνητικοῦ κόμματος. Παράλληλα τό προσωπικό ἔχει τελείως ἐγκαταλειφθεῖ καί κινδυνεύει νά ἐξανεμιστεῖ ἡ προσπάθεια.

Ε.Ρ.Τ.

Ἀπορρίφθηκε κατάσταση ἐπικρατεῖ στήν ΕΡΤ. Οἱ φυλακισμένοι τοῦ ΠΑΣΟΚ κ.κ. Ι. Φλώρος, Α. Κουτσογιώργος καί Α. Κακλαμάνης καταγγέλλουν μέ ἐπερώτηση, πού κατάθεσαν χτές στή Βουλή, ἀθρόους διορισμούς ἀργομίσθων, κακή διαχείριση καί λεηλασία τοῦ δημοσίου χρήματος ἀπό ἀνθρώπους τοῦ κυβερνητικοῦ κόμματος. Παράλληλα τό προσωπικό ἔχει τελείως ἐγκαταλειφθεῖ καί κινδυνεύει νά ἐξανεμιστεῖ ἡ προσπάθεια.

ΥΕΝΕΔ

Ἀπορρίφθηκε κατάσταση ἐπικρατεῖ στήν ΕΡΤ. Οἱ φυλακισμένοι τοῦ ΠΑΣΟΚ κ.κ. Ι. Φλώρος, Α. Κουτσογιώργος καί Α. Κακλαμάνης καταγγέλλουν μέ ἐπερώτηση, πού κατάθεσαν χτές στή Βουλή, ἀθρόους διορισμούς ἀργομίσθων, κακή διαχείριση καί λεηλασία τοῦ δημοσίου χρήματος ἀπό ἀνθρώπους τοῦ κυβερνητικοῦ κόμματος. Παράλληλα τό προσωπικό ἔχει τελείως ἐγκαταλειφθεῖ καί κινδυνεύει νά ἐξανεμιστεῖ ἡ προσπάθεια.

Υ.Ε.Ν.Ε.Δ.

Ἀπορρίφθηκε κατάσταση ἐπικρατεῖ στήν ΕΡΤ. Οἱ φυλακισμένοι τοῦ ΠΑΣΟΚ κ.κ. Ι. Φλώρος, Α. Κουτσογιώργος καί Α. Κακλαμάνης καταγγέλλουν μέ ἐπερώτηση, πού κατάθεσαν χτές στή Βουλή, ἀθρόους διορισμούς ἀργομίσθων, κακή διαχείριση καί λεηλασία τοῦ δημοσίου χρήματος ἀπό ἀνθρώπους τοῦ κυβερνητικοῦ κόμματος. Παράλληλα τό προσωπικό ἔχει τελείως ἐγκαταλειφθεῖ καί κινδυνεύει νά ἐξανεμιστεῖ ἡ προσπάθεια.

Ἀπορρίφθηκε κατάσταση ἐπικρατεῖ στήν ΕΡΤ. Οἱ φυλακισμένοι τοῦ ΠΑΣΟΚ κ.κ. Ι. Φλώρος, Α. Κουτσογιώργος καί Α. Κακλαμάνης καταγγέλλουν μέ ἐπερώτηση, πού κατάθεσαν χτές στή Βουλή, ἀθρόους διορισμούς ἀργομίσθων, κακή διαχείριση καί λεηλασία τοῦ δημοσίου χρήματος ἀπό ἀνθρώπους τοῦ κυβερνητικοῦ κόμματος. Παράλληλα τό προσωπικό ἔχει τελείως ἐγκαταλειφθεῖ καί κινδυνεύει νά ἐξανεμιστεῖ ἡ προσπάθεια.

Ἀπορρίφθηκε κατάσταση ἐπικρατεῖ στήν ΕΡΤ. Οἱ φυλακισμένοι τοῦ ΠΑΣΟΚ κ.κ. Ι. Φλώρος, Α. Κουτσογιώργος καί Α. Κακλαμάνης καταγγέλλουν μέ ἐπερώτηση, πού κατάθεσαν χτές στή Βουλή, ἀθρόους διορισμούς ἀργομίσθων, κακή διαχείριση καί λεηλασία τοῦ δημοσίου χρήματος ἀπό ἀνθρώπους τοῦ κυβερνητικοῦ κόμματος. Παράλληλα τό προσωπικό ἔχει τελείως ἐγκαταλειφθεῖ καί κινδυνεύει νά ἐξανεμιστεῖ ἡ προσπάθεια.

24 ΩΡΕΣ

Ἀπορρίφθηκε κατάσταση ἐπικρατεῖ στήν ΕΡΤ. Οἱ φυλακισμένοι τοῦ ΠΑΣΟΚ κ.κ. Ι. Φλώρος, Α. Κουτσογιώργος καί Α. Κακλαμάνης καταγγέλλουν μέ ἐπερώτηση, πού κατάθεσαν χτές στή Βουλή, ἀθρόους διορισμούς ἀργομίσθων, κακή διαχείριση καί λεηλασία τοῦ δημοσίου χρήματος ἀπό ἀνθρώπους τοῦ κυβερνητικοῦ κόμματος. Παράλληλα τό προσωπικό ἔχει τελείως ἐγκαταλειφθεῖ καί κινδυνεύει νά ἐξανεμιστεῖ ἡ προσπάθεια.

Ἀπορρίφθηκε κατάσταση ἐπικρατεῖ στήν ΕΡΤ. Οἱ φυλακισμένοι τοῦ ΠΑΣΟΚ κ.κ. Ι. Φλώρος, Α. Κουτσογιώργος καί Α. Κακλαμάνης καταγγέλλουν μέ ἐπερώτηση, πού κατάθεσαν χτές στή Βουλή, ἀθρόους διορισμούς ἀργομίσθων, κακή διαχείριση καί λεηλασία τοῦ δημοσίου χρήματος ἀπό ἀνθρώπους τοῦ κυβερνητικοῦ κόμματος. Παράλληλα τό προσωπικό ἔχει τελείως ἐγκαταλειφθεῖ καί κινδυνεύει νά ἐξανεμιστεῖ ἡ προσπάθεια.

θεατρα

Ἀπορρίφθηκε κατάσταση ἐπικρατεῖ στήν ΕΡΤ. Οἱ φυλακισμένοι τοῦ ΠΑΣΟΚ κ.κ. Ι. Φλώρος, Α. Κουτσογιώργος καί Α. Κακλαμάνης καταγγέλλουν μέ ἐπερώτηση, πού κατάθεσαν χτές στή Βουλή, ἀθρόους διορισμούς ἀργομίσθων, κακή διαχείριση καί λεηλασία τοῦ δημοσίου χρήματος ἀπό ἀνθρώπους τοῦ κυβερνητικοῦ κόμματος. Παράλληλα τό προσωπικό ἔχει τελείως ἐγκαταλειφθεῖ καί κινδυνεύει νά ἐξανεμιστεῖ ἡ προσπάθεια.

κινηματογραφοι
Α' ΠΡΟΒΟΛΗΣ

Ἀπορρίφθηκε κατάσταση ἐπικρατεῖ στήν ΕΡΤ. Οἱ φυλακισμένοι τοῦ ΠΑΣΟΚ κ.κ. Ι. Φλώρος, Α. Κουτσογιώργος καί Α. Κακλαμάνης καταγγέλλουν μέ ἐπερώτηση, πού κατάθεσαν χτές στή Βουλή, ἀθρόους διορισμούς ἀργομίσθων, κακή διαχείριση καί λεηλασία τοῦ δημοσίου χρήματος ἀπό ἀνθρώπους τοῦ κυβερνητικοῦ κόμματος. Παράλληλα τό προσωπικό ἔχει τελείως ἐγκαταλειφθεῖ καί κινδυνεύει νά ἐξανεμιστεῖ ἡ προσπάθεια.

Ἀπορρίφθηκε κατάσταση ἐπικρατεῖ στήν ΕΡΤ. Οἱ φυλακισμένοι τοῦ ΠΑΣΟΚ κ.κ. Ι. Φλώρος, Α. Κουτσογιώργος καί Α. Κακλαμάνης καταγγέλλουν μέ ἐπερώτηση, πού κατάθεσαν χτές στή Βουλή, ἀθρόους διορισμούς ἀργομίσθων, κακή διαχείριση καί λεηλασία τοῦ δημοσίου χρήματος ἀπό ἀνθρώπους τοῦ κυβερνητικοῦ κόμματος. Παράλληλα τό προσωπικό ἔχει τελείως ἐγκαταλειφθεῖ καί κινδυνεύει νά ἐξανεμιστεῖ ἡ προσπάθεια.

Ἀπορρίφθηκε κατάσταση ἐπικρατεῖ στήν ΕΡΤ. Οἱ φυλακισμένοι τοῦ ΠΑΣΟΚ κ.κ. Ι. Φλώρος, Α. Κουτσογιώργος καί Α. Κακλαμάνης καταγγέλλουν μέ ἐπερώτηση, πού κατάθεσαν χτές στή Βουλή, ἀθρόους διορισμούς ἀργομίσθων, κακή διαχείριση καί λεηλασία τοῦ δημοσίου χρήματος ἀπό ἀνθρώπους τοῦ κυβερνητικοῦ κόμματος. Παράλληλα τό προσωπικό ἔχει τελείως ἐγκαταλειφθεῖ καί κινδυνεύει νά ἐξανεμιστεῖ ἡ προσπάθεια.

Ἀπορρίφθηκε κατάσταση ἐπικρατεῖ στήν ΕΡΤ. Οἱ φυλακισμένοι τοῦ ΠΑΣΟΚ κ.κ. Ι. Φλώρος, Α. Κουτσογιώργος καί Α. Κακλαμάνης καταγγέλλουν μέ ἐπερώτηση, πού κατάθεσαν χτές στή Βουλή, ἀθρόους διορισμούς ἀργομίσθων, κακή διαχείριση καί λεηλασία τοῦ δημοσίου χρήματος ἀπό ἀνθρώπους τοῦ κυβερνητικοῦ κόμματος. Παράλληλα τό προσωπικό ἔχει τελείως ἐγκαταλειφθεῖ καί κινδυνεύει νά ἐξανεμιστεῖ ἡ προσπάθεια.

Ἀπορρίφθηκε κατάσταση ἐπικρατεῖ στήν ΕΡΤ. Οἱ φυλακισμένοι τοῦ ΠΑΣΟΚ κ.κ. Ι. Φλώρος, Α. Κουτσογιώργος καί Α. Κακλαμάνης καταγγέλλουν μέ ἐπερώτηση, πού κατάθεσαν χτές στή Βουλή, ἀθρόους διορισμούς ἀργομίσθων, κακή διαχείριση καί λεηλασία τοῦ δημοσίου χρήματος ἀπό ἀνθρώπους τοῦ κυβερνητικοῦ κόμματος. Παράλληλα τό προσωπικό ἔχει τελείως ἐγκαταλειφθεῖ καί κινδυνεύει νά ἐξανεμιστεῖ ἡ προσπάθεια.

Ἀπορρίφθηκε κατάσταση ἐπικρατεῖ στήν ΕΡΤ. Οἱ φυλακισμένοι τοῦ ΠΑΣΟΚ κ.κ. Ι. Φλώρος, Α. Κουτσογιώργος καί Α. Κακλαμάνης καταγγέλλουν μέ ἐπερώτηση, πού κατάθεσαν χτές στή Βουλή, ἀθρόους διορισμούς ἀργομίσθων, κακή διαχείριση καί λεηλασία τοῦ δημοσίου χρήματος ἀπό ἀνθρώπους τοῦ κυβερνητικοῦ κόμματος. Παράλληλα τό προσωπικό ἔχει τελείως ἐγκαταλειφθεῖ καί κινδυνεύει νά ἐξανεμιστεῖ ἡ προσπάθεια.

Ἀπορρίφθηκε κατάσταση ἐπικρατεῖ στήν ΕΡΤ. Οἱ φυλακισμένοι τοῦ ΠΑΣΟΚ κ.κ. Ι. Φλώρος, Α. Κουτσογιώργος καί Α. Κακλαμάνης καταγγέλλουν μέ ἐπερώτηση, πού κατάθεσαν χτές στή Βουλή, ἀθρόους διορισμούς ἀργομίσθων, κακή διαχείριση καί λεηλασία τοῦ δημοσίου χρήματος ἀπό ἀνθρώπους τοῦ κυβερνητικοῦ κόμματος. Παράλληλα τό προσωπικό ἔχει τελείως ἐγκαταλειφθεῖ καί κινδυνεύει νά ἐξανεμιστεῖ ἡ προσπάθεια.

Ἀπορρίφθηκε κατάσταση ἐπικρατεῖ στήν ΕΡΤ. Οἱ φυλακισμένοι τοῦ ΠΑΣΟΚ κ.κ. Ι. Φλώρος, Α. Κουτσογιώργος καί Α. Κακλαμάνης καταγγέλλουν μέ ἐπερώτηση, πού κατάθεσαν χτές στή Βουλή, ἀθρόους διορισμούς ἀργομίσθων, κακή διαχείριση καί λεηλασία τοῦ δημοσίου χρήματος ἀπό ἀνθρώπους τοῦ κυβερνητικοῦ κόμματος. Παράλληλα τό προσωπικό ἔχει τελείως ἐγκαταλειφθεῖ καί κινδυνεύει νά ἐξανεμιστεῖ ἡ προσπάθεια.

ο καιρος
«ΡΙΖΟΣΠΑΣΤΗΣ»

Ἀπορρίφθηκε κατάσταση ἐπικρατεῖ στήν ΕΡΤ. Οἱ φυλακισμένοι τοῦ ΠΑΣΟΚ κ.κ. Ι. Φλώρος, Α. Κουτσογιώργος καί Α. Κακλαμάνης καταγγέλλουν μέ ἐπερώτηση, πού κατάθεσαν χτές στή Βουλή, ἀθρόους διορισμούς ἀργομίσθων, κακή διαχείριση καί λεηλασία τοῦ δημοσίου χρήματος ἀπό ἀνθρώπους τοῦ κυβερνητικοῦ κόμματος. Παράλληλα τό προσωπικό ἔχει τελείως ἐγκαταλειφθεῖ καί κινδυνεύει νά ἐξανεμιστεῖ ἡ προσπάθεια.

★★★★★★★

Ἀπορρίφθηκε κατάσταση ἐπικρατεῖ στήν ΕΡΤ. Οἱ φυλακισμένοι τοῦ ΠΑΣΟΚ κ.κ. Ι. Φλώρος, Α. Κουτσογιώργος καί Α. Κακλαμάνης καταγγέλλουν μέ ἐπερώτηση, πού κατάθεσαν χτές στή Βουλή, ἀθρόους διορισμούς ἀργομίσθων, κακή διαχείριση καί λεηλασία τοῦ δημοσίου χρήματος ἀπό ἀνθρώπους τοῦ κυβερνητικοῦ κόμματος. Παράλληλα τό προσωπικό ἔχει τελείως ἐγκαταλειφθεῖ καί κινδυνεύει νά ἐξανεμιστεῖ ἡ προσπάθεια.

'Επιλογή

Ἀπορρίφθηκε κατάσταση ἐπικρατεῖ στήν ΕΡΤ. Οἱ φυλακισμένοι τοῦ ΠΑΣΟΚ κ.κ. Ι. Φλώρος, Α. Κουτσογιώργος καί Α. Κακλαμάνης καταγγέλλουν μέ ἐπερώτηση, πού κατάθεσαν χτές στή Βουλή, ἀθρόους διορισμούς ἀργομίσθων, κακή διαχείριση καί λεηλασία τοῦ δημοσίου χρήματος ἀπό ἀνθρώπους τοῦ κυβερνητικοῦ κόμματος. Παράλληλα τό προσωπικό ἔχει τελείως ἐγκαταλειφθεῖ καί κινδυνεύει νά ἐξανεμιστεῖ ἡ προσπάθεια.

ΣΥΝΟΙΚΙΑΚΑ

Ἀπορρίφθηκε κατάσταση ἐπικρατεῖ στήν ΕΡΤ. Οἱ φυλακισμένοι τοῦ ΠΑΣΟΚ κ.κ. Ι. Φλώρος, Α. Κουτσογιώργος καί Α. Κακλαμάνης καταγγέλλουν μέ ἐπερώτηση, πού κατάθεσαν χτές στή Βουλή, ἀθρόους διορισμούς ἀργομίσθων, κακή διαχείριση καί λεηλασία τοῦ δημοσίου χρήματος ἀπό ἀνθρώπους τοῦ κυβερνητικοῦ κόμματος. Παράλληλα τό προσωπικό ἔχει τελείως ἐγκαταλειφθεῖ καί κινδυνεύει νά ἐξανεμιστεῖ ἡ προσπάθεια.

Πειραιά
Β' ΠΡΟΒΟΛΗΣ

Ἀπορρίφθηκε κατάσταση ἐπικρατεῖ στήν ΕΡΤ. Οἱ φυλακισμένοι τοῦ ΠΑΣΟΚ κ.κ. Ι. Φλώρος, Α. Κουτσογιώργος καί Α. Κακλαμάνης καταγγέλλουν μέ ἐπερώτηση, πού κατάθεσαν χτές στή Βουλή, ἀθρόους διορισμούς ἀργομίσθων, κακή διαχείριση καί λεηλασία τοῦ δημοσίου χρήματος ἀπό ἀνθρώπους τοῦ κυβερνητικοῦ κόμματος. Παράλληλα τό προσωπικό ἔχει τελείως ἐγκαταλειφθεῖ καί κινδυνεύει νά ἐξανεμιστεῖ ἡ προσπάθεια.

ΗΜΙΚΕΝΤΡΙΚΟΙ

Ἀπορρίφθηκε κατάσταση ἐπικρατεῖ στήν ΕΡΤ. Οἱ φυλακισμένοι τοῦ ΠΑΣΟΚ κ.κ. Ι. Φλώρος, Α. Κουτσογιώργος καί Α. Κακλαμάνης καταγγέλλουν μέ ἐπερώτηση, πού κατάθεσαν χτές στή Βουλή, ἀθρόους διορισμούς ἀργομίσθων, κακή διαχείριση καί λεηλασία τοῦ δημοσίου χρήματος ἀπό ἀνθρώπους τοῦ κυβερνητικοῦ κόμματος. Παράλληλα τό προσωπικό ἔχει τελείως ἐγκαταλειφθεῖ καί κινδυνεύει νά ἐξανεμιστεῖ ἡ προσπάθεια.

ΠΡΟΑΣΤΙΑ

Ἀπορρίφθηκε κατάσταση ἐπικρατεῖ στήν ΕΡΤ. Οἱ φυλακισμένοι τοῦ ΠΑΣΟΚ κ.κ. Ι. Φλώρος, Α. Κουτσογιώργος καί Α. Κακλαμάνης καταγγέλλουν μέ ἐπερώτηση, πού κατάθεσαν χτές στή Βουλή, ἀθρόους διορισμούς ἀργομίσθων, κακή διαχείριση καί λεηλασία τοῦ δημοσίου χρήματος ἀπό ἀνθρώπους τοῦ κυβερνητικοῦ κόμματος. Παράλληλα τό προσωπικό ἔχει τελείως ἐγκαταλειφθεῖ καί κινδυνεύει νά ἐξανεμιστεῖ ἡ προσπάθεια.

Κυκλοφόρησε
ΠΡΟΒΛΗΜΑΤΑ
ΤΗΣ ΕΙΡΗΝΗΣ
ΚΑΙ ΤΟΥ
ΣΟΣΙΑΛΙΣΜΟΥ
ΕΚΔΙΔΕΤΑΙ ΣΕ 30 ΓΛΩΣΣΕΣ ΚΥΚΛΟΦΟΡΕΙ ΣΕ 145 ΧΩΡΕΣ
5
ΤΑΣΟΣ ΕΠΙΚΟΙΦΟΠΟΥΛΟΣ
ΣΥΜΕΩΝ ΓΡ. ΛΙΜΠΕΡΑΤΟΣ
